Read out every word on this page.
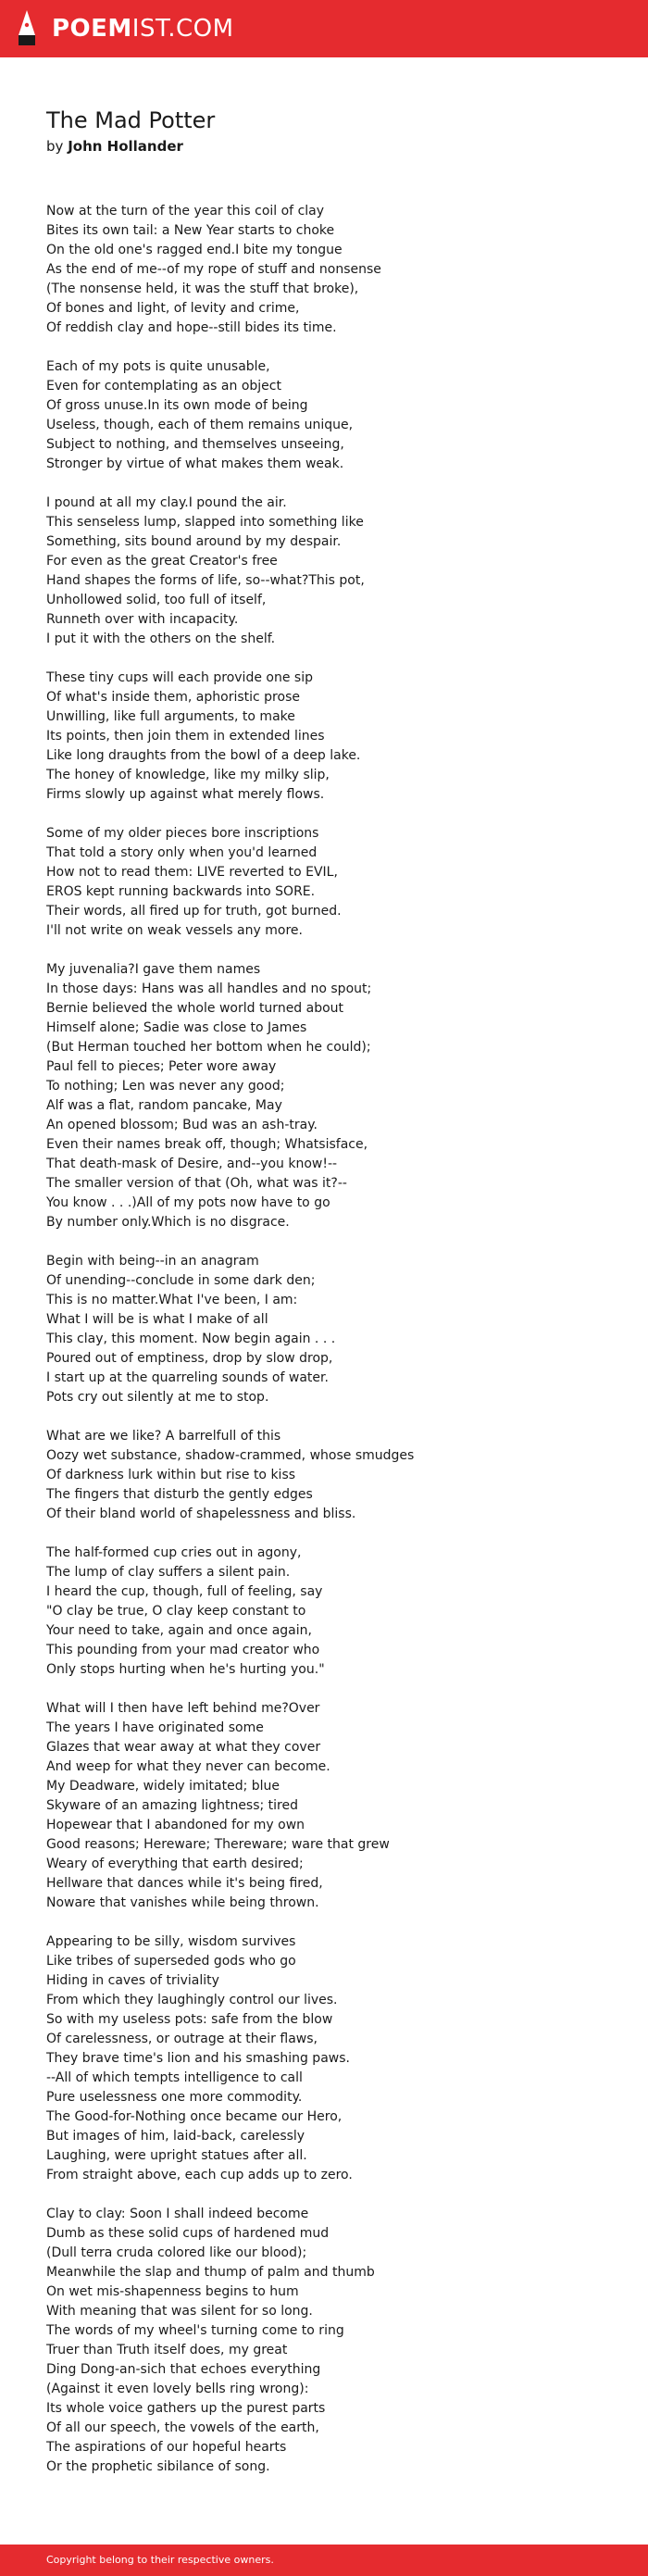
POEMIST.COM
The Mad Potter
by John Hollander

Now at the turn of the year this coil of clay
Bites its own tail: a New Year starts to choke
On the old one's ragged end.I bite my tongue
As the end of me--of my rope of stuff and nonsense
(The nonsense held, it was the stuff that broke),
Of bones and light, of levity and crime,
Of reddish clay and hope--still bides its time.

Each of my pots is quite unusable,
Even for contemplating as an object
Of gross unuse.In its own mode of being
Useless, though, each of them remains unique,
Subject to nothing, and themselves unseeing,
Stronger by virtue of what makes them weak.

I pound at all my clay.I pound the air.
This senseless lump, slapped into something like
Something, sits bound around by my despair.
For even as the great Creator's free
Hand shapes the forms of life, so--what?This pot,
Unhollowed solid, too full of itself,
Runneth over with incapacity.
I put it with the others on the shelf.

These tiny cups will each provide one sip
Of what's inside them, aphoristic prose
Unwilling, like full arguments, to make
Its points, then join them in extended lines
Like long draughts from the bowl of a deep lake.
The honey of knowledge, like my milky slip,
Firms slowly up against what merely flows.

Some of my older pieces bore inscriptions
That told a story only when you'd learned
How not to read them: LIVE reverted to EVIL,
EROS kept running backwards into SORE.
Their words, all fired up for truth, got burned.
I'll not write on weak vessels any more.

My juvenalia?I gave them names
In those days: Hans was all handles and no spout;
Bernie believed the whole world turned about
Himself alone; Sadie was close to James
(But Herman touched her bottom when he could);
Paul fell to pieces; Peter wore away
To nothing; Len was never any good;
Alf was a flat, random pancake, May
An opened blossom; Bud was an ash-tray.
Even their names break off, though; Whatsisface,
That death-mask of Desire, and--you know!--
The smaller version of that (Oh, what was it?--
You know . . .)All of my pots now have to go
By number only.Which is no disgrace.

Begin with being--in an anagram
Of unending--conclude in some dark den;
This is no matter.What I've been, I am:
What I will be is what I make of all
This clay, this moment. Now begin again . . .
Poured out of emptiness, drop by slow drop,
I start up at the quarreling sounds of water.
Pots cry out silently at me to stop.

What are we like? A barrelfull of this
Oozy wet substance, shadow-crammed, whose smudges
Of darkness lurk within but rise to kiss
The fingers that disturb the gently edges
Of their bland world of shapelessness and bliss.

The half-formed cup cries out in agony,
The lump of clay suffers a silent pain.
I heard the cup, though, full of feeling, say
"O clay be true, O clay keep constant to
Your need to take, again and once again,
This pounding from your mad creator who
Only stops hurting when he's hurting you."

What will I then have left behind me?Over
The years I have originated some
Glazes that wear away at what they cover
And weep for what they never can become.
My Deadware, widely imitated; blue
Skyware of an amazing lightness; tired
Hopewear that I abandoned for my own
Good reasons; Hereware; Thereware; ware that grew
Weary of everything that earth desired;
Hellware that dances while it's being fired,
Noware that vanishes while being thrown.

Appearing to be silly, wisdom survives
Like tribes of superseded gods who go
Hiding in caves of triviality
From which they laughingly control our lives.
So with my useless pots: safe from the blow
Of carelessness, or outrage at their flaws,
They brave time's lion and his smashing paws.
--All of which tempts intelligence to call
Pure uselessness one more commodity.
The Good-for-Nothing once became our Hero,
But images of him, laid-back, carelessly
Laughing, were upright statues after all.
From straight above, each cup adds up to zero.

Clay to clay: Soon I shall indeed become
Dumb as these solid cups of hardened mud
(Dull terra cruda colored like our blood);
Meanwhile the slap and thump of palm and thumb
On wet mis-shapenness begins to hum
With meaning that was silent for so long.
The words of my wheel's turning come to ring
Truer than Truth itself does, my great
Ding Dong-an-sich that echoes everything
(Against it even lovely bells ring wrong):
Its whole voice gathers up the purest parts
Of all our speech, the vowels of the earth,
The aspirations of our hopeful hearts
Or the prophetic sibilance of song.

Copyright belong to their respective owners.
